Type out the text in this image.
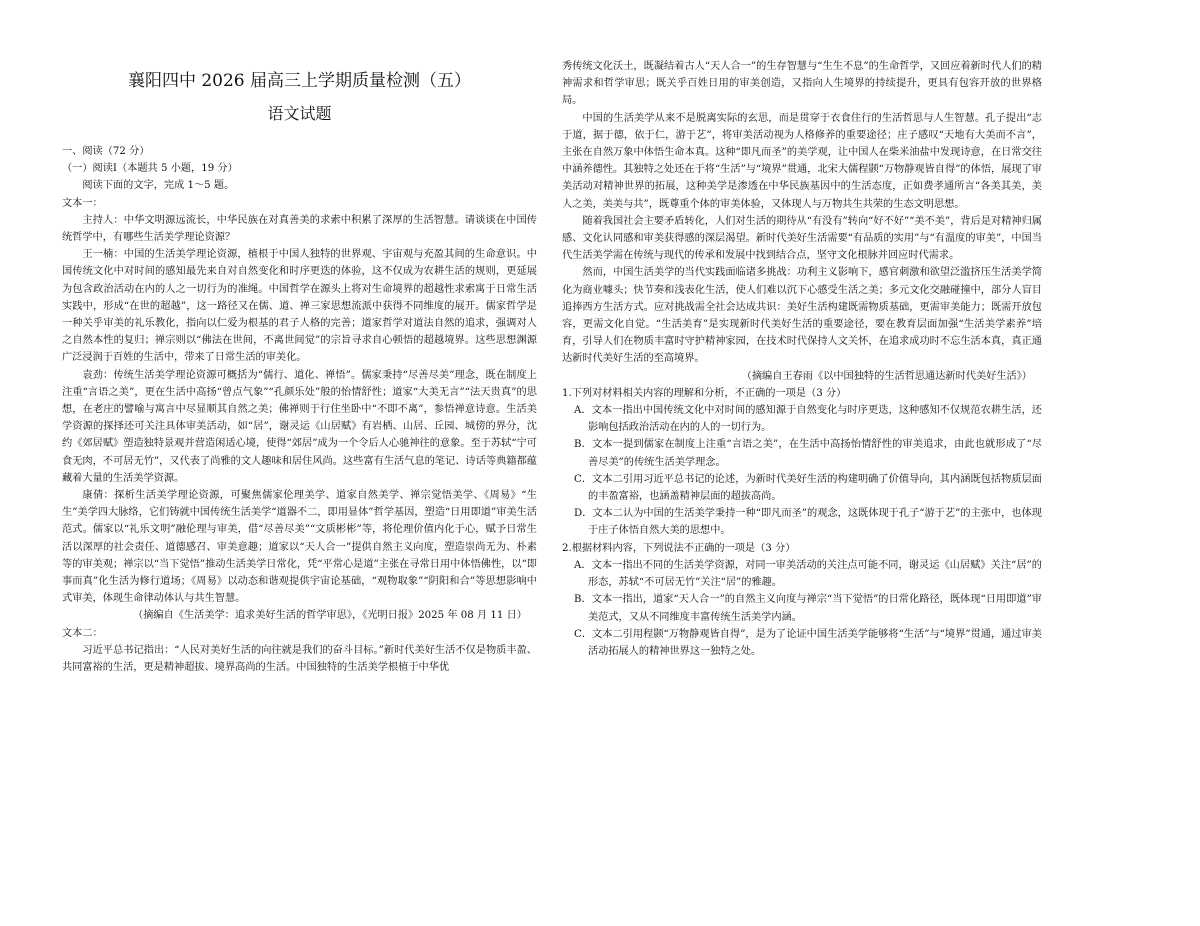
襄阳四中 2026 届高三上学期质量检测（五）
语文试题
一、阅读（72 分）
（一）阅读Ⅰ（本题共 5 小题，19 分）

阅读下面的文字，完成 1～5 题。

文本一：

主持人：中华文明源远流长，中华民族在对真善美的求索中积累了深厚的生活智慧。请谈谈在中国传统哲学中，有哪些生活美学理论资源？

王一楠：中国的生活美学理论资源，植根于中国人独特的世界观、宇宙观与充盈其间的生命意识。中国传统文化中对时间的感知最先来自对自然变化和时序更迭的体验，这不仅成为农耕生活的规则，更延展为包含政治活动在内的人之一切行为的准绳。中国哲学在源头上将对生命境界的超越性求索寓于日常生活实践中，形成“在世的超越”，这一路径又在儒、道、禅三家思想流派中获得不同维度的展开。儒家哲学是一种关乎审美的礼乐教化，指向以仁爱为根基的君子人格的完善；道家哲学对道法自然的追求，强调对人之自然本性的复归；禅宗则以“佛法在世间，不离世间觉”的宗旨寻求自心顿悟的超越境界。这些思想渊源广泛浸润于百姓的生活中，带来了日常生活的审美化。

袁劲：传统生活美学理论资源可概括为“儒行、道化、禅悟”。儒家秉持“尽善尽美”理念，既在制度上注重“言语之美”，更在生活中高扬“曾点气象”“孔颜乐处”般的怡情舒性；道家“大美无言”“法天贵真”的思想，在老庄的譬喻与寓言中尽显顺其自然之美；佛禅则于行住坐卧中“不即不离”，参悟禅意诗意。生活美学资源的探择还可关注具体审美活动，如“居”，谢灵运《山居赋》有岩栖、山居、丘园、城傍的界分，沈约《郊居赋》塑造独特景观并营造闲适心境，使得“郊居”成为一个令后人心驰神往的意象。至于苏轼“宁可食无肉，不可居无竹”，又代表了尚雅的文人趣味和居住风尚。这些富有生活气息的笔记、诗话等典籍都蕴藏着大量的生活美学资源。

康倩：探析生活美学理论资源，可聚焦儒家伦理美学、道家自然美学、禅宗觉悟美学、《周易》“生生”美学四大脉络，它们铸就中国传统生活美学“道器不二，即用显体”哲学基因，塑造“日用即道”审美生活范式。儒家以“礼乐文明”融伦理与审美，借“尽善尽美”“文质彬彬”等，将伦理价值内化于心，赋予日常生活以深厚的社会责任、道德感召、审美意趣；道家以“天人合一”提供自然主义向度，塑造崇尚无为、朴素等的审美观；禅宗以“当下觉悟”推动生活美学日常化，凭“平常心是道”主张在寻常日用中体悟佛性，以“即事而真”化生活为修行道场；《周易》以动态和谐观提供宇宙论基础，“观物取象”“阴阳和合”等思想影响中式审美，体现生命律动体认与共生智慧。

（摘编自《生活美学：追求美好生活的哲学审思》，《光明日报》2025 年 08 月 11 日）

文本二：

习近平总书记指出：“人民对美好生活的向往就是我们的奋斗目标。”新时代美好生活不仅是物质丰盈、共同富裕的生活，更是精神超拔、境界高尚的生活。中国独特的生活美学根植于中华优

秀传统文化沃土，既凝结着古人“天人合一”的生存智慧与“生生不息”的生命哲学，又回应着新时代人们的精神需求和哲学审思；既关乎百姓日用的审美创造，又指向人生境界的持续提升，更具有包容开放的世界格局。

中国的生活美学从来不是脱离实际的玄思，而是贯穿于衣食住行的生活哲思与人生智慧。孔子提出“志于道，据于德，依于仁，游于艺”，将审美活动视为人格修养的重要途径；庄子感叹“天地有大美而不言”，主张在自然万象中体悟生命本真。这种“即凡而圣”的美学观，让中国人在柴米油盐中发现诗意，在日常交往中涵养德性。其独特之处还在于将“生活”与“境界”贯通，北宋大儒程颢“万物静观皆自得”的体悟，展现了审美活动对精神世界的拓展，这种美学是渗透在中华民族基因中的生活态度，正如费孝通所言“各美其美，美人之美，美美与共”，既尊重个体的审美体验，又体现人与万物共生共荣的生态文明思想。

随着我国社会主要矛盾转化，人们对生活的期待从“有没有”转向“好不好”“美不美”，背后是对精神归属感、文化认同感和审美获得感的深层渴望。新时代美好生活需要“有品质的实用”与“有温度的审美”，中国当代生活美学需在传统与现代的传承和发展中找到结合点，坚守文化根脉并回应时代需求。

然而，中国生活美学的当代实践面临诸多挑战：功利主义影响下，感官刺激和欲望泛滥挤压生活美学简化为商业噱头；快节奏和浅表化生活，使人们难以沉下心感受生活之美；多元文化交融碰撞中，部分人盲目追捧西方生活方式。应对挑战需全社会达成共识：美好生活构建既需物质基础，更需审美能力；既需开放包容，更需文化自觉。“生活美育”是实现新时代美好生活的重要途径，要在教育层面加强“生活美学素养”培育，引导人们在物质丰富时守护精神家园，在技术时代保持人文关怀，在追求成功时不忘生活本真，真正通达新时代美好生活的至高境界。

（摘编自王春雨《以中国独特的生活哲思通达新时代美好生活》）

1.下列对材料相关内容的理解和分析，不正确的一项是（3 分）
A．文本一指出中国传统文化中对时间的感知源于自然变化与时序更迭，这种感知不仅规范农耕生活，还影响包括政治活动在内的人的一切行为。
B．文本一提到儒家在制度上注重“言语之美”，在生活中高扬怡情舒性的审美追求，由此也就形成了“尽善尽美”的传统生活美学理念。
C．文本二引用习近平总书记的论述，为新时代美好生活的构建明确了价值导向，其内涵既包括物质层面的丰盈富裕，也涵盖精神层面的超拔高尚。
D．文本二认为中国的生活美学秉持一种“即凡而圣”的观念，这既体现于孔子“游于艺”的主张中，也体现于庄子体悟自然大美的思想中。
2.根据材料内容，下列说法不正确的一项是（3 分）
A．文本一指出不同的生活美学资源，对同一审美活动的关注点可能不同，谢灵运《山居赋》关注“居”的形态，苏轼“不可居无竹”关注“居”的雅趣。
B．文本一指出，道家“天人合一”的自然主义向度与禅宗“当下觉悟”的日常化路径，既体现“日用即道”审美范式，又从不同维度丰富传统生活美学内涵。
C．文本二引用程颢“万物静观皆自得”，是为了论证中国生活美学能够将“生活”与“境界”贯通，通过审美活动拓展人的精神世界这一独特之处。
